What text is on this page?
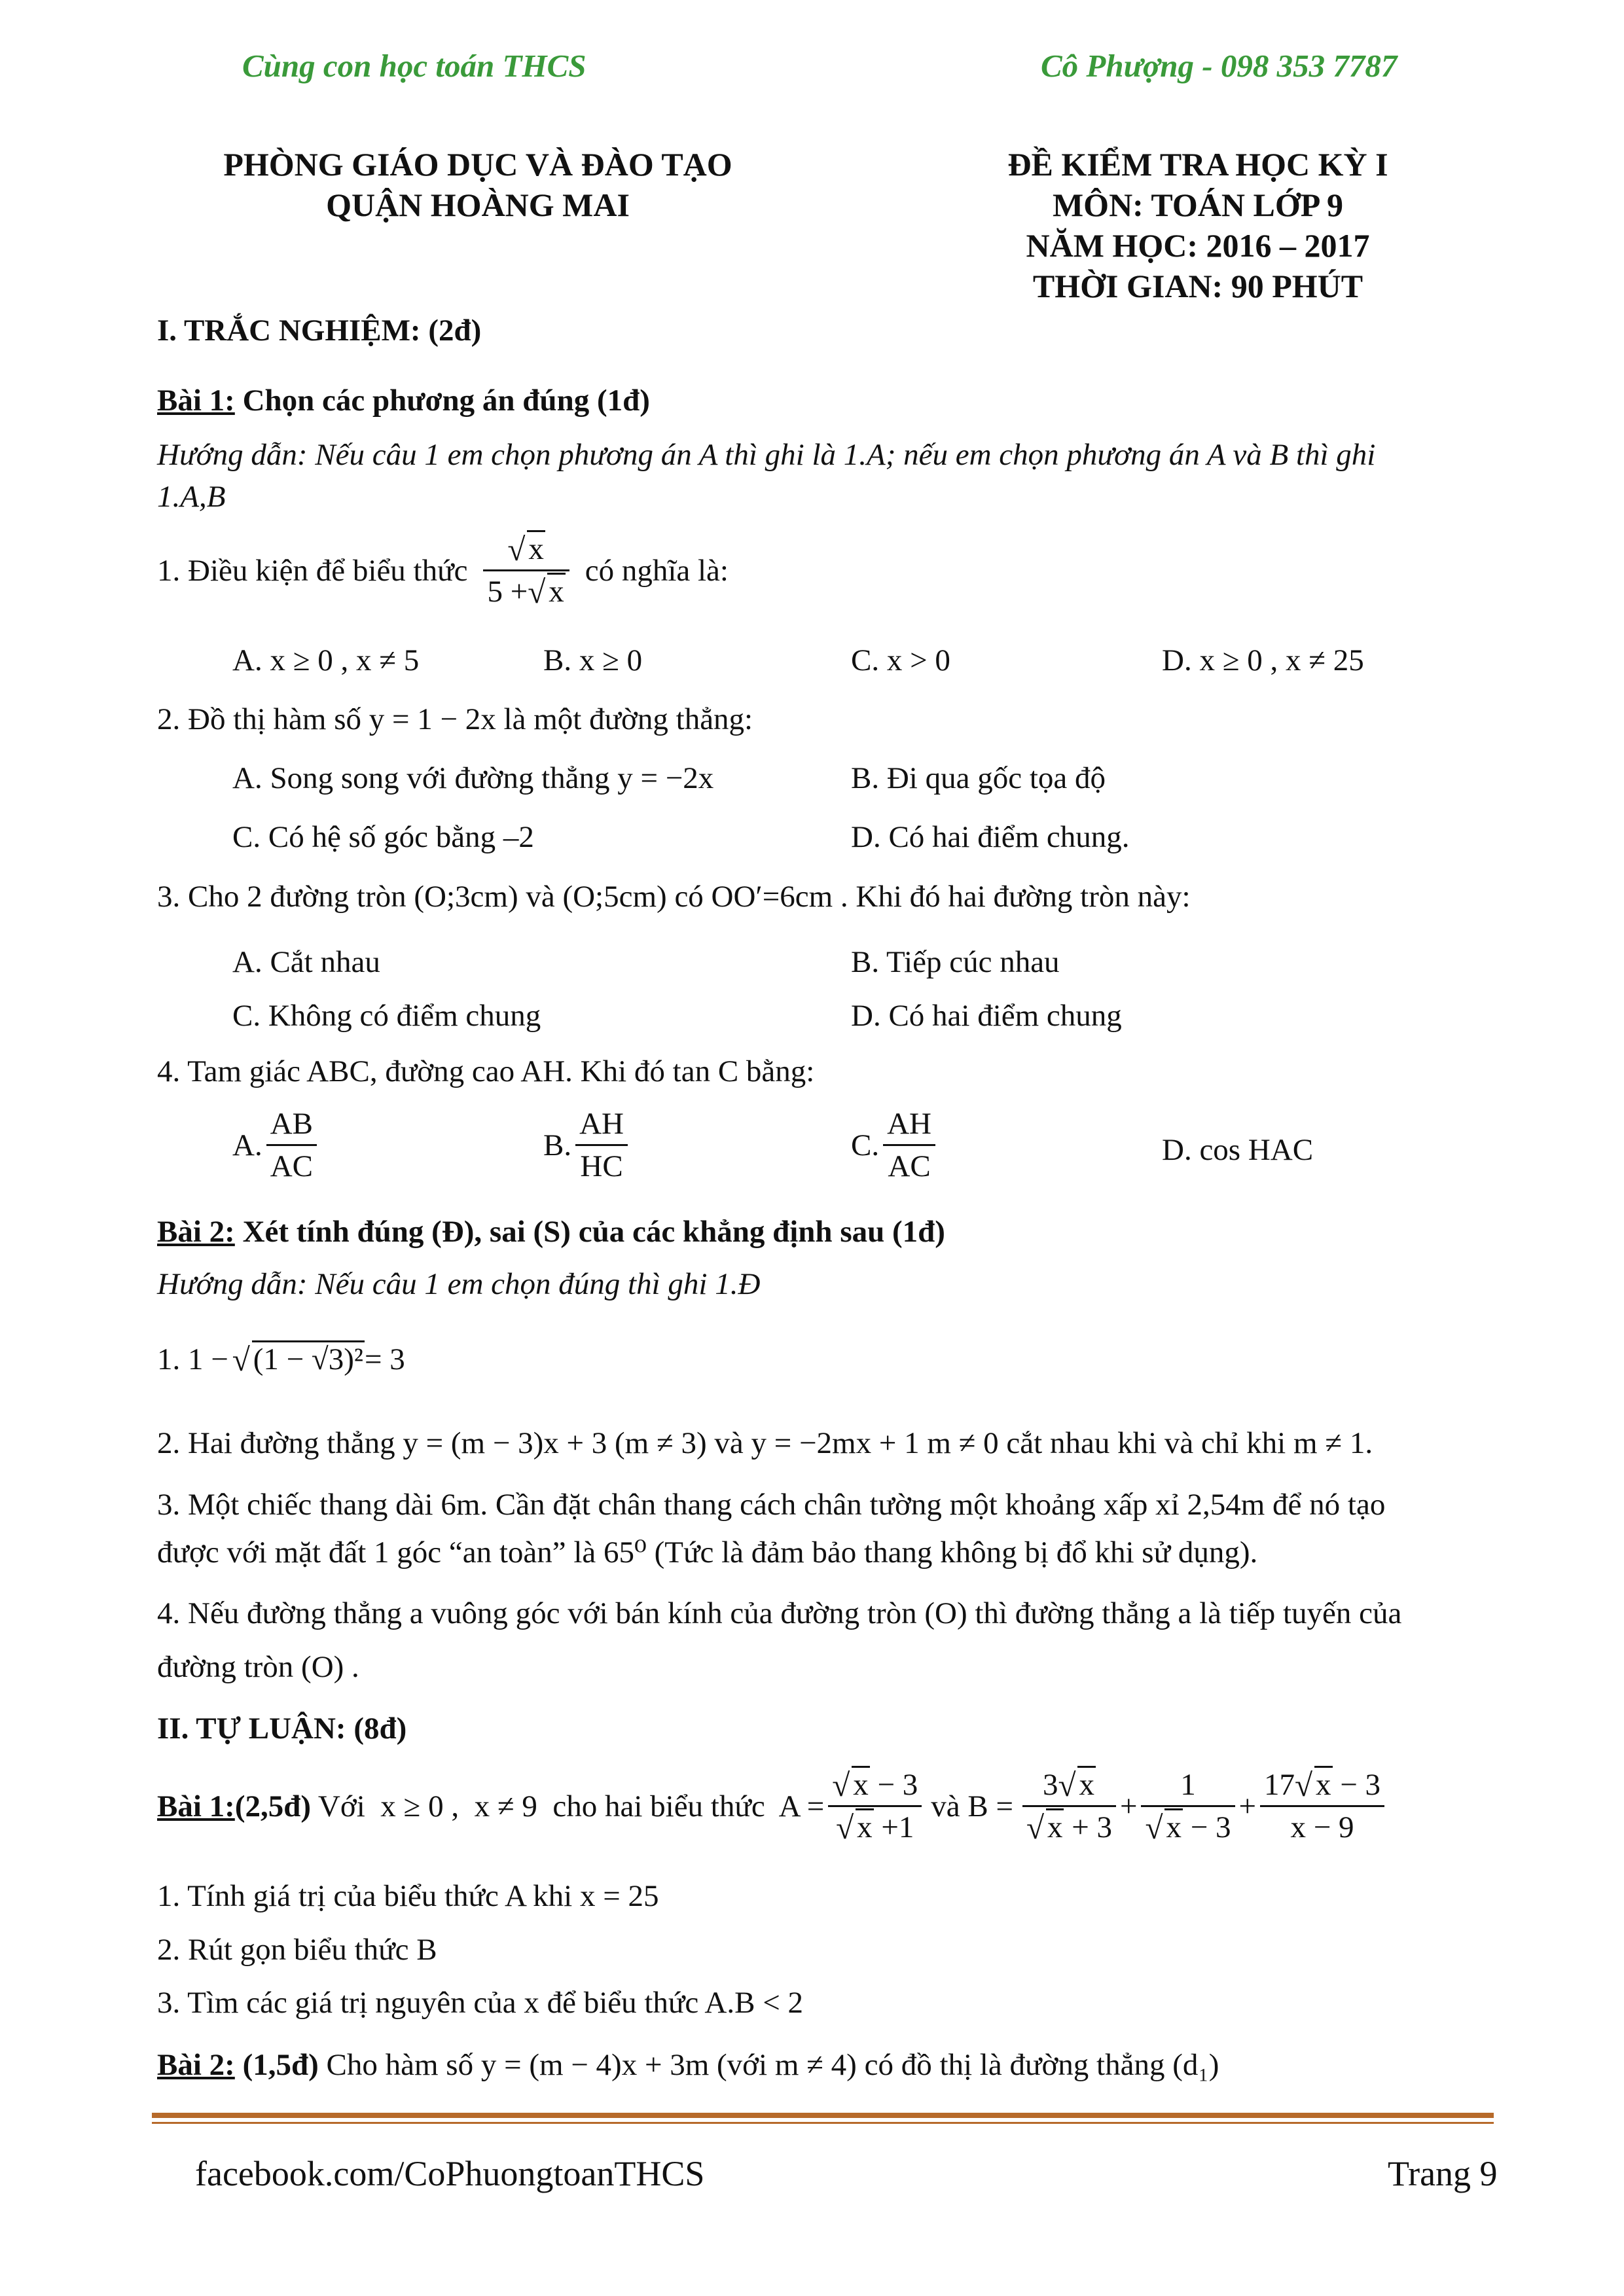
Cùng con học toán THCS	Cô Phượng - 098 353 7787
PHÒNG GIÁO DỤC VÀ ĐÀO TẠO
QUẬN HOÀNG MAI
ĐỀ KIỂM TRA HỌC KỲ I
MÔN: TOÁN LỚP 9
NĂM HỌC: 2016 – 2017
THỜI GIAN: 90 PHÚT
I. TRẮC NGHIỆM: (2đ)
Bài 1: Chọn các phương án đúng (1đ)
Hướng dẫn: Nếu câu 1 em chọn phương án A thì ghi là 1.A; nếu em chọn phương án A và B thì ghi
1.A,B
1. Điều kiện để biểu thức √ $\frac{x}{5 + √ x}$ có nghĩa là:
A. x ≥ 0 , x ≠ 5	B. x ≥ 0	C. x > 0	D. x ≥ 0 , x ≠ 25
2. Đồ thị hàm số y = 1 − 2x là một đường thẳng:
A. Song song với đường thẳng y = −2x	B. Đi qua gốc tọa độ
C. Có hệ số góc bằng –2	D. Có hai điểm chung.
3. Cho 2 đường tròn (O;3cm) và (O;5cm) có OO′=6cm . Khi đó hai đường tròn này:
A. Cắt nhau	B. Tiếp cúc nhau
C. Không có điểm chung	D. Có hai điểm chung
4. Tam giác ABC, đường cao AH. Khi đó tan C bằng:
A. $\frac{AB}{AC}$	B. $\frac{AH}{HC}$	C. $\frac{AH}{AC}$	D. cos HAC
Bài 2: Xét tính đúng (Đ), sai (S) của các khẳng định sau (1đ)
Hướng dẫn: Nếu câu 1 em chọn đúng thì ghi 1.Đ
1. 1 − √ (1 − √3)² = 3
2. Hai đường thẳng y = (m − 3)x + 3 (m ≠ 3) và y = −2mx + 1 m ≠ 0 cắt nhau khi và chỉ khi m ≠ 1.
3. Một chiếc thang dài 6m. Cần đặt chân thang cách chân tường một khoảng xấp xỉ 2,54m để nó tạo
được với mặt đất 1 góc “an toàn” là 65⁰ (Tức là đảm bảo thang không bị đổ khi sử dụng).
4. Nếu đường thẳng a vuông góc với bán kính của đường tròn (O) thì đường thẳng a là tiếp tuyến của
đường tròn (O) .
II. TỰ LUẬN: (8đ)
Bài 1: (2,5đ) Với  x ≥ 0 ,  x ≠ 9  cho hai biểu thức  A = √ x − 3
√ x +1 và B = 3 √ x
√ x + 3 + 1
√ $x - 3 + \frac{17 √ x - 3}{x - 9}$
1. Tính giá trị của biểu thức A khi x = 25
2. Rút gọn biểu thức B
3. Tìm các giá trị nguyên của x để biểu thức A.B < 2
Bài 2: (1,5đ) Cho hàm số y = (m − 4)x + 3m (với m ≠ 4) có đồ thị là đường thẳng (d₁)
facebook.com/CoPhuongtoanTHCS	Trang 9
